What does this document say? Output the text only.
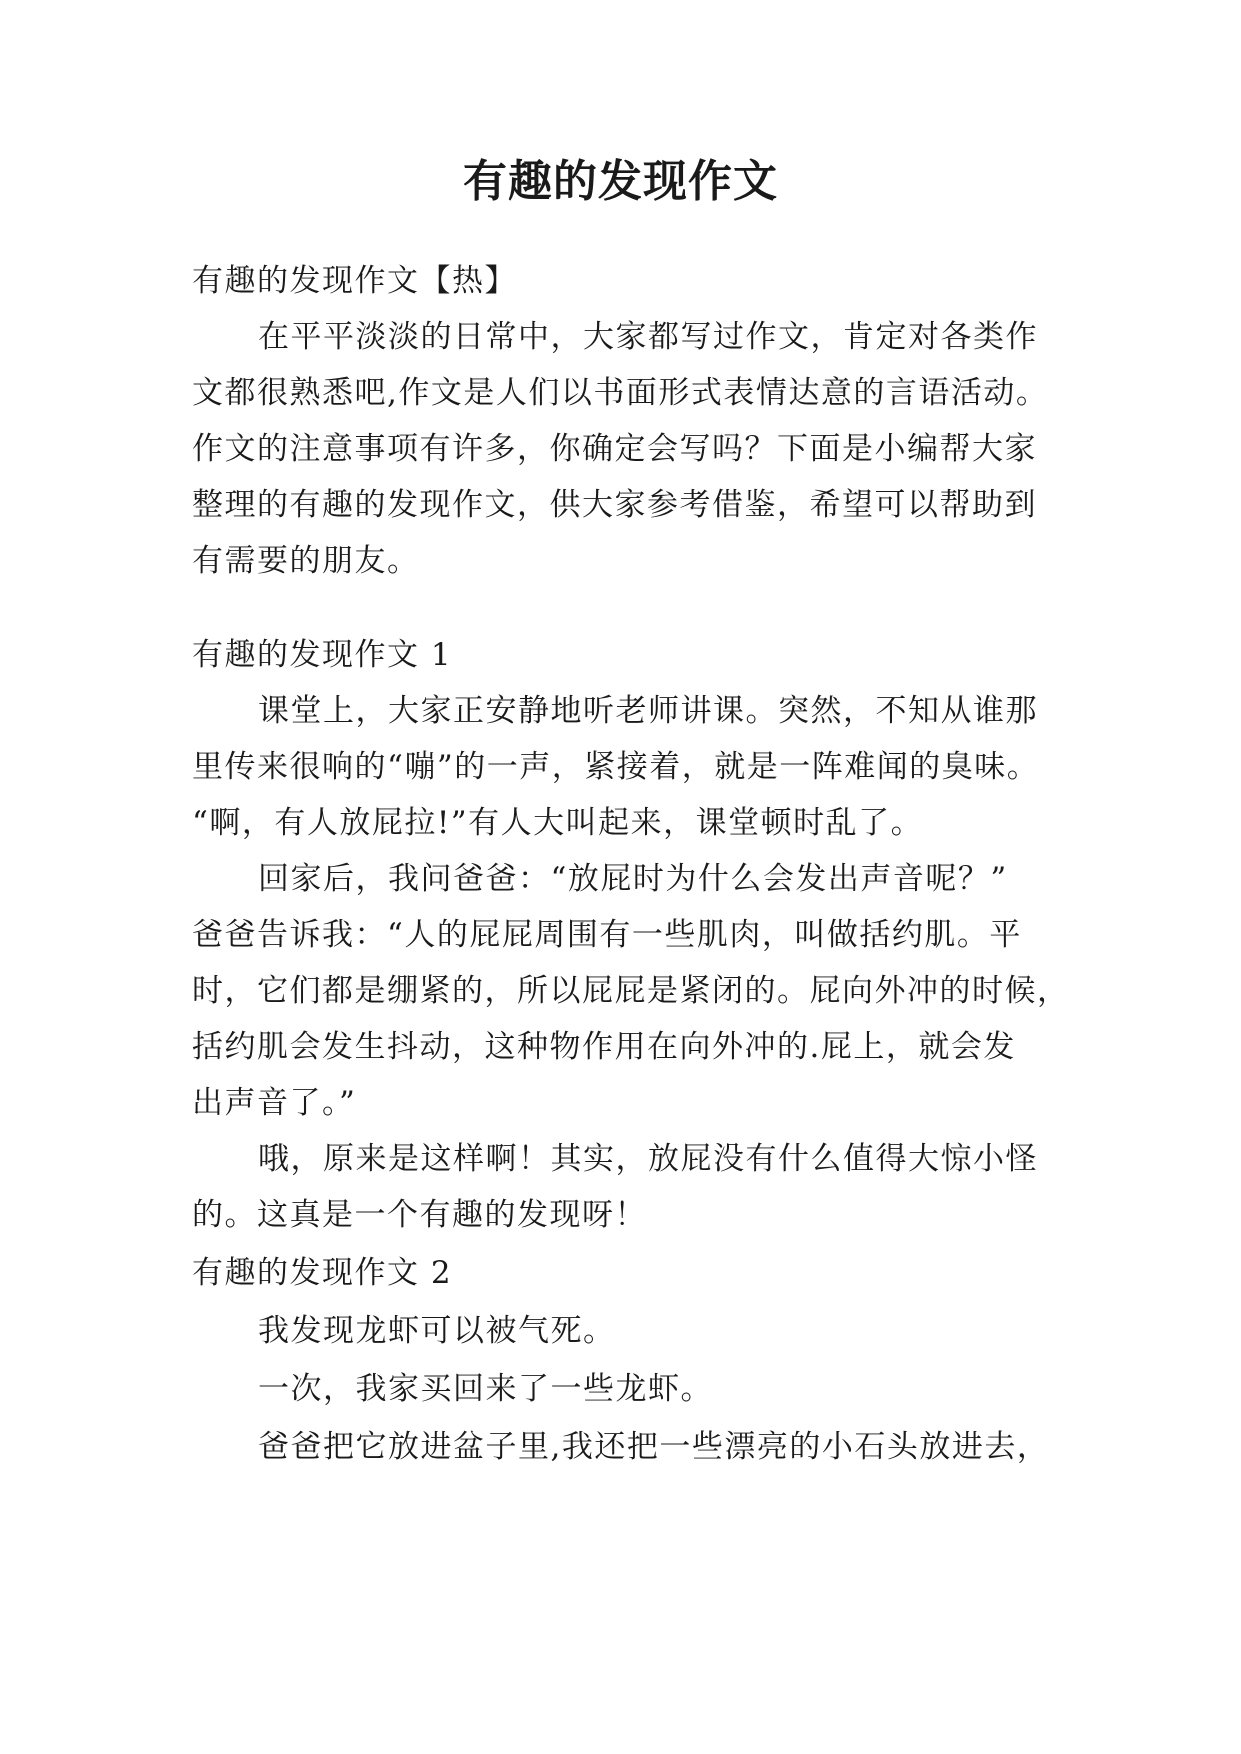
有趣的发现作文
有趣的发现作文【热】
在平平淡淡的日常中，大家都写过作文，肯定对各类作
文都很熟悉吧,作文是人们以书面形式表情达意的言语活动。
作文的注意事项有许多，你确定会写吗？下面是小编帮大家
整理的有趣的发现作文，供大家参考借鉴，希望可以帮助到
有需要的朋友。
有趣的发现作文 1
课堂上，大家正安静地听老师讲课。突然，不知从谁那
里传来很响的“嘣”的一声，紧接着，就是一阵难闻的臭味。
“啊，有人放屁拉!”有人大叫起来，课堂顿时乱了。
回家后，我问爸爸：“放屁时为什么会发出声音呢？”
爸爸告诉我：“人的屁屁周围有一些肌肉，叫做括约肌。平
时，它们都是绷紧的，所以屁屁是紧闭的。屁向外冲的时候，
括约肌会发生抖动，这种物作用在向外冲的.屁上，就会发
出声音了。”
哦，原来是这样啊！其实，放屁没有什么值得大惊小怪
的。这真是一个有趣的发现呀！
有趣的发现作文 2
我发现龙虾可以被气死。
一次，我家买回来了一些龙虾。
爸爸把它放进盆子里,我还把一些漂亮的小石头放进去，
